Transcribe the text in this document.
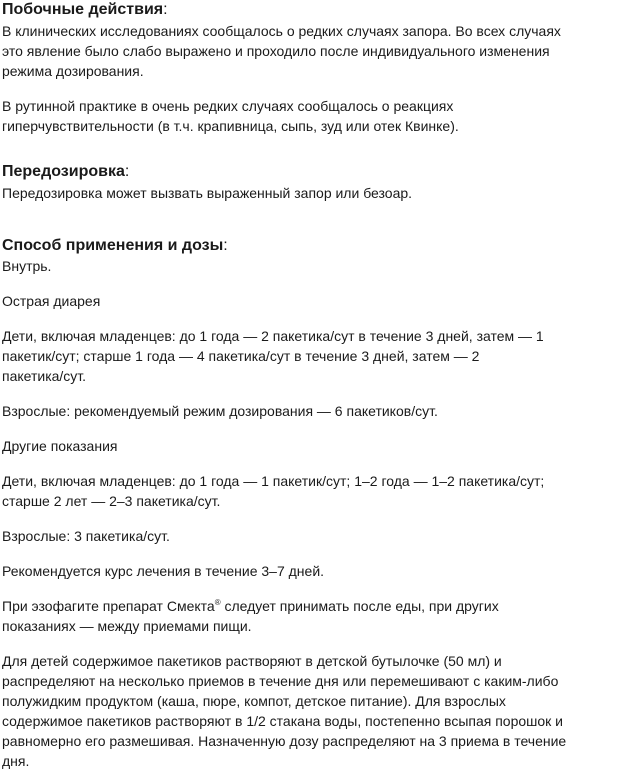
Побочные действия:
В клинических исследованиях сообщалось о редких случаях запора. Во всех случаях
это явление было слабо выражено и проходило после индивидуального изменения
режима дозирования.
В рутинной практике в очень редких случаях сообщалось о реакциях
гиперчувствительности (в т.ч. крапивница, сыпь, зуд или отек Квинке).
Передозировка:
Передозировка может вызвать выраженный запор или безоар.
Способ применения и дозы:
Внутрь.
Острая диарея
Дети, включая младенцев: до 1 года — 2 пакетика/сут в течение 3 дней, затем — 1
пакетик/сут; старше 1 года — 4 пакетика/сут в течение 3 дней, затем — 2
пакетика/сут.
Взрослые: рекомендуемый режим дозирования — 6 пакетиков/сут.
Другие показания
Дети, включая младенцев: до 1 года — 1 пакетик/сут; 1–2 года — 1–2 пакетика/сут;
старше 2 лет — 2–3 пакетика/сут.
Взрослые: 3 пакетика/сут.
Рекомендуется курс лечения в течение 3–7 дней.
При эзофагите препарат Смекта® следует принимать после еды, при других
показаниях — между приемами пищи.
Для детей содержимое пакетиков растворяют в детской бутылочке (50 мл) и
распределяют на несколько приемов в течение дня или перемешивают с каким-либо
полужидким продуктом (каша, пюре, компот, детское питание). Для взрослых
содержимое пакетиков растворяют в 1/2 стакана воды, постепенно всыпая порошок и
равномерно его размешивая. Назначенную дозу распределяют на 3 приема в течение
дня.
